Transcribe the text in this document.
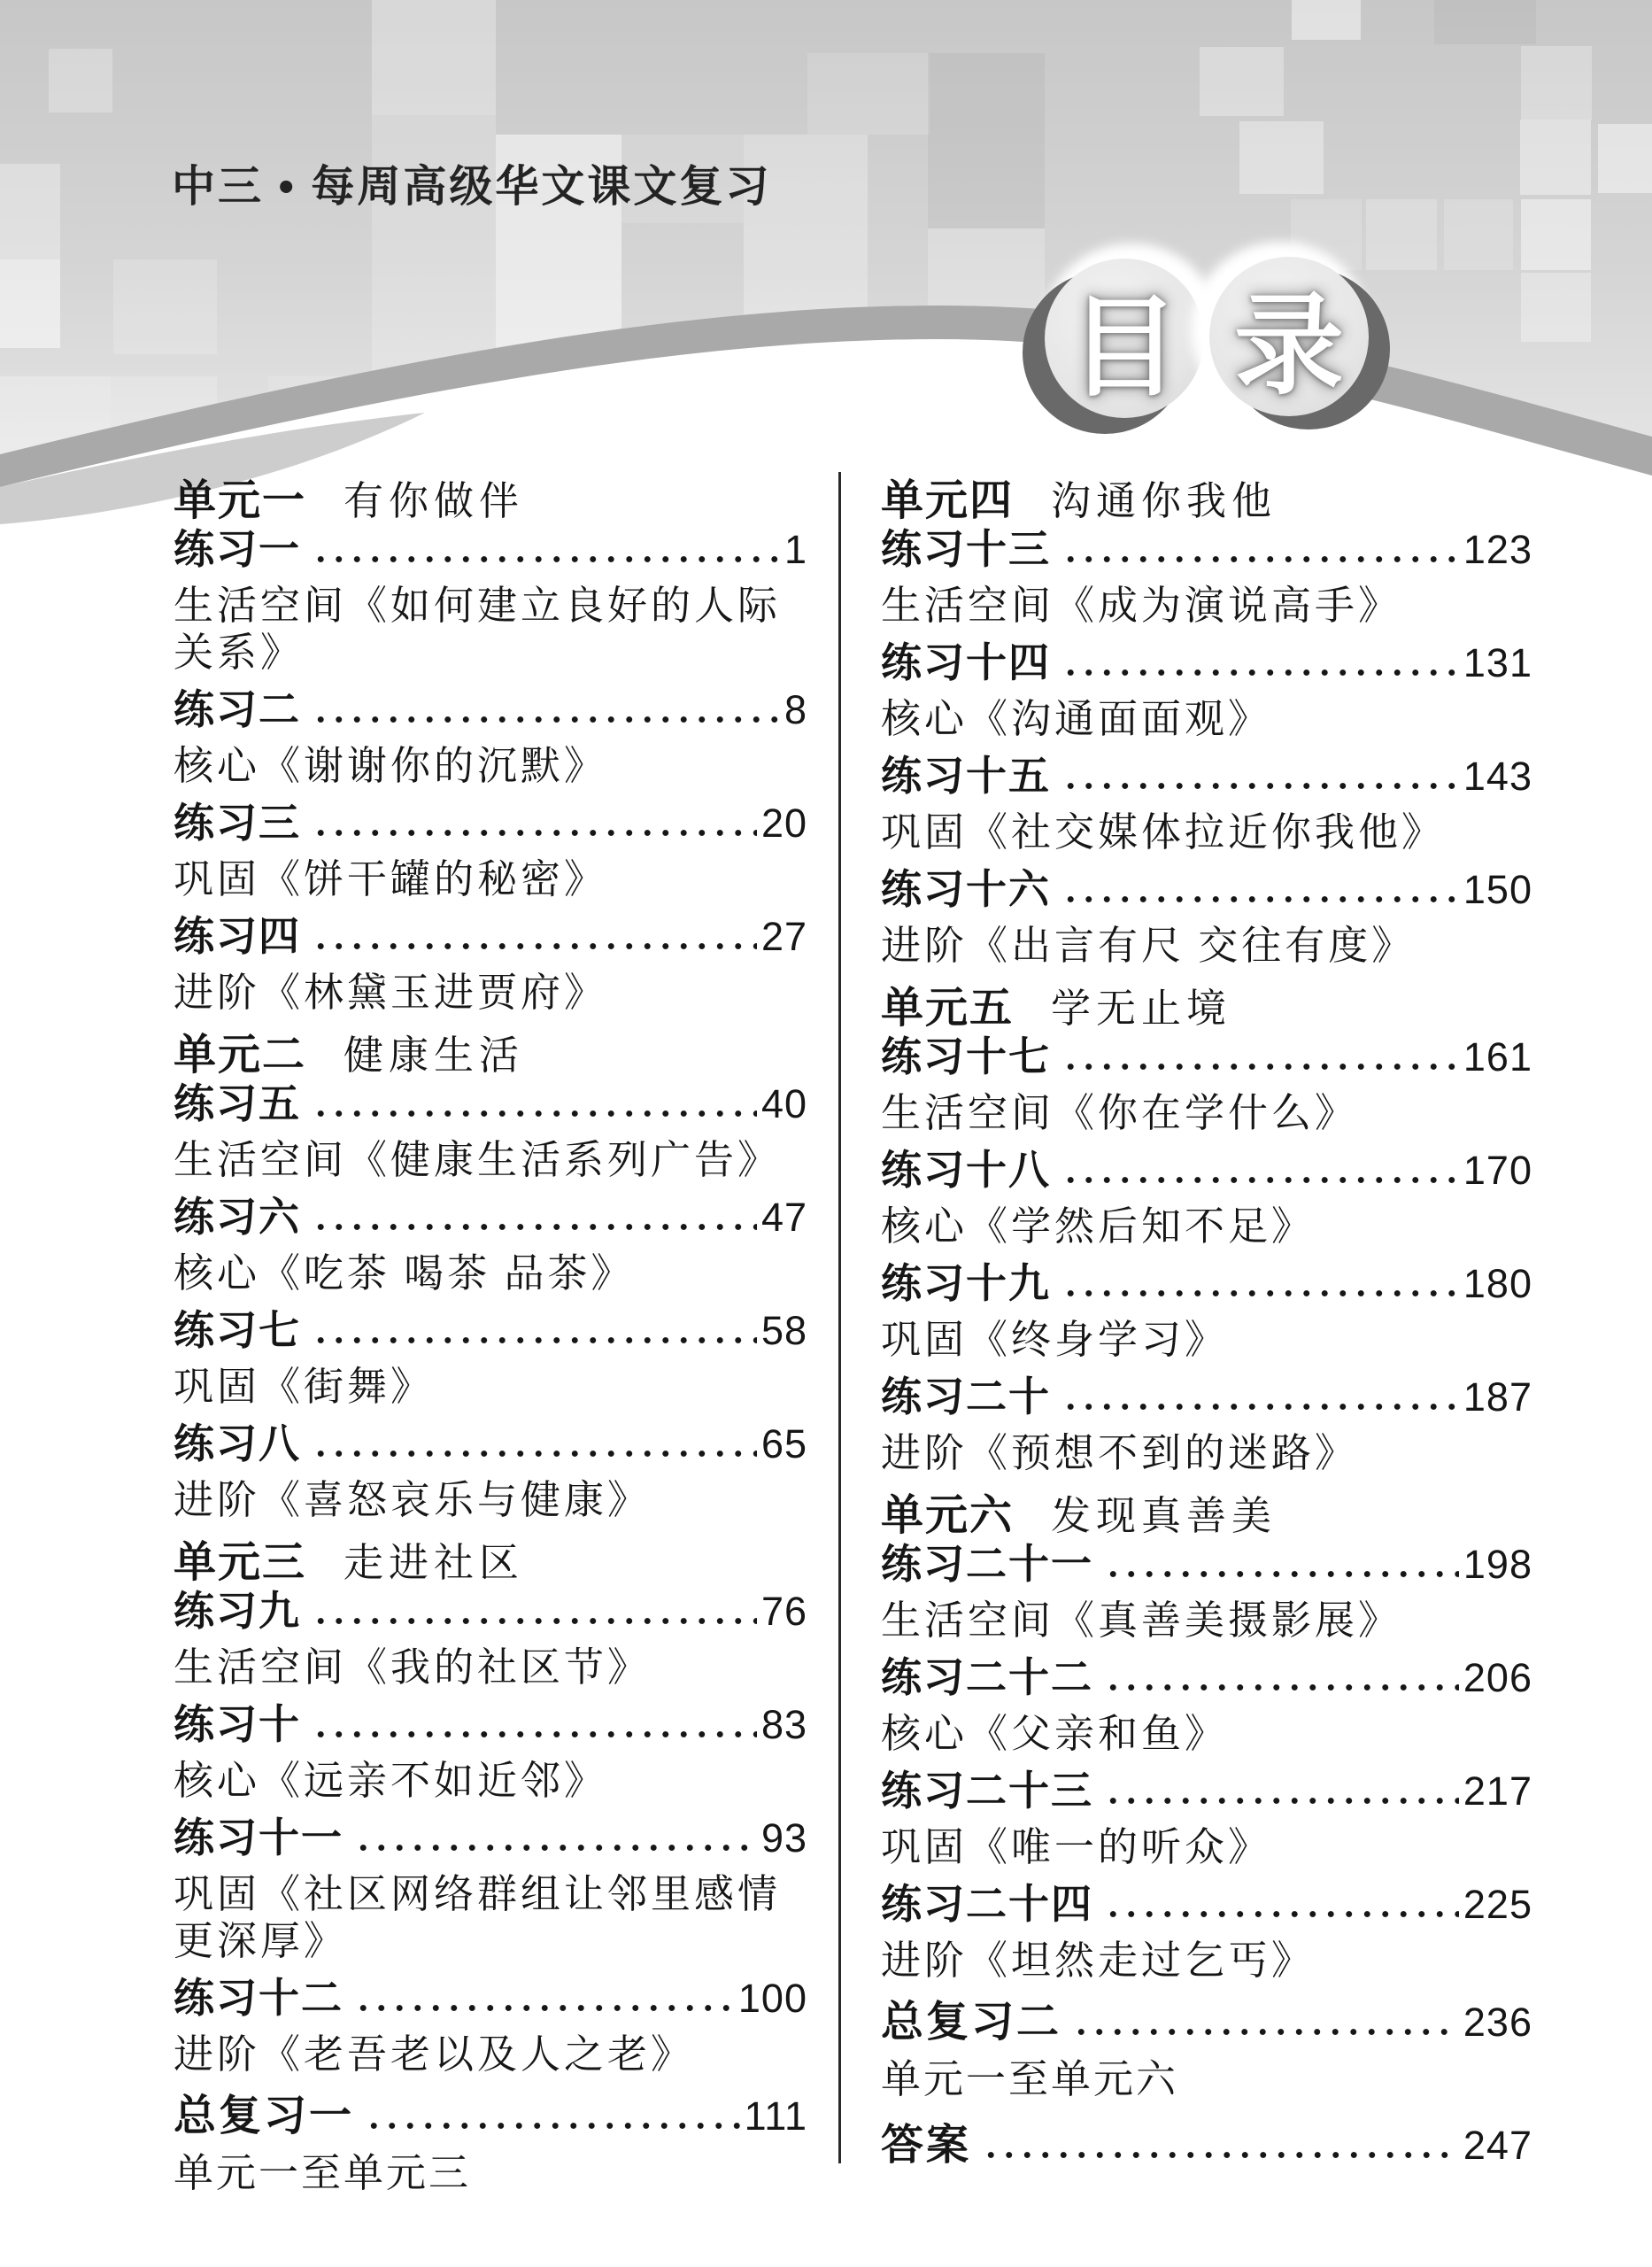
中三 • 每周高级华文课文复习
目 录
单元一 有你做伴
练习一	1
生活空间《如何建立良好的人际关系》
练习二	8
核心《谢谢你的沉默》
练习三	20
巩固《饼干罐的秘密》
练习四	27
进阶《林黛玉进贾府》
单元二 健康生活
练习五	40
生活空间《健康生活系列广告》
练习六	47
核心《吃茶 喝茶 品茶》
练习七	58
巩固《街舞》
练习八	65
进阶《喜怒哀乐与健康》
单元三 走进社区
练习九	76
生活空间《我的社区节》
练习十	83
核心《远亲不如近邻》
练习十一	93
巩固《社区网络群组让邻里感情更深厚》
练习十二	100
进阶《老吾老以及人之老》
总复习一	111
单元一至单元三
单元四 沟通你我他
练习十三	123
生活空间《成为演说高手》
练习十四	131
核心《沟通面面观》
练习十五	143
巩固《社交媒体拉近你我他》
练习十六	150
进阶《出言有尺 交往有度》
单元五 学无止境
练习十七	161
生活空间《你在学什么》
练习十八	170
核心《学然后知不足》
练习十九	180
巩固《终身学习》
练习二十	187
进阶《预想不到的迷路》
单元六 发现真善美
练习二十一	198
生活空间《真善美摄影展》
练习二十二	206
核心《父亲和鱼》
练习二十三	217
巩固《唯一的听众》
练习二十四	225
进阶《坦然走过乞丐》
总复习二	236
单元一至单元六
答案	247
